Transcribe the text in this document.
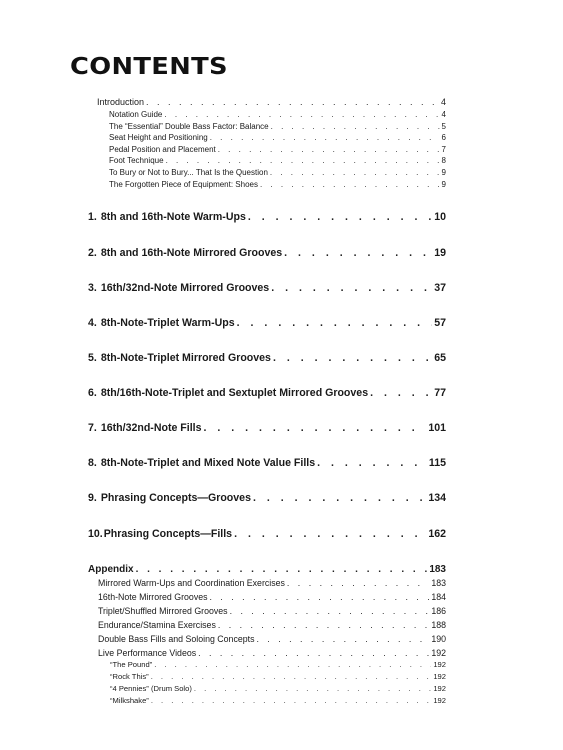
CONTENTS
Introduction . . .	4
Notation Guide . . .	4
The “Essential” Double Bass Factor: Balance . . .	5
Seat Height and Positioning . . .	6
Pedal Position and Placement . . .	7
Foot Technique . . .	8
To Bury or Not to Bury... That Is the Question . . .	9
The Forgotten Piece of Equipment: Shoes . . .	9
1. 8th and 16th-Note Warm-Ups . . .	10
2. 8th and 16th-Note Mirrored Grooves . . .	19
3. 16th/32nd-Note Mirrored Grooves . . .	37
4. 8th-Note-Triplet Warm-Ups . . .	57
5. 8th-Note-Triplet Mirrored Grooves . . .	65
6. 8th/16th-Note-Triplet and Sextuplet Mirrored Grooves . . .	77
7. 16th/32nd-Note Fills . . .	101
8. 8th-Note-Triplet and Mixed Note Value Fills . . .	115
9. Phrasing Concepts—Grooves . . .	134
10. Phrasing Concepts—Fills . . .	162
Appendix . . .	183
Mirrored Warm-Ups and Coordination Exercises . . .	183
16th-Note Mirrored Grooves . . .	184
Triplet/Shuffled Mirrored Grooves . . .	186
Endurance/Stamina Exercises . . .	188
Double Bass Fills and Soloing Concepts . . .	190
Live Performance Videos . . .	192
“The Pound” . . .	192
“Rock This” . . .	192
“4 Pennies” (Drum Solo) . . .	192
“Milkshake” . . .	192
